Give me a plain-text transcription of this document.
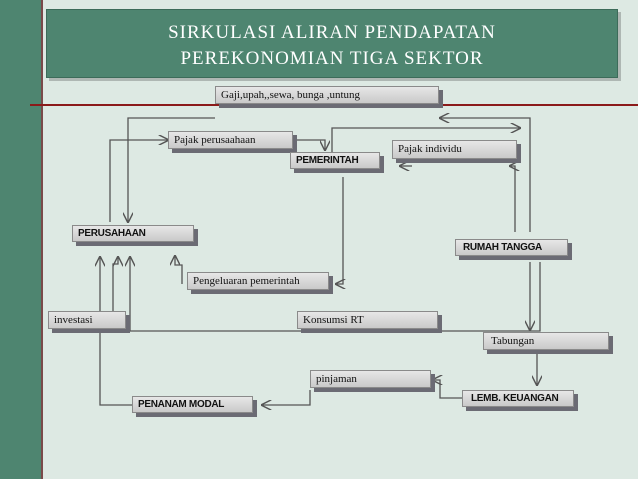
SIRKULASI ALIRAN PENDAPATAN
PEREKONOMIAN TIGA SEKTOR
Gaji,upah,,sewa, bunga ,untung
Pajak perusaahaan
PEMERINTAH
Pajak individu
PERUSAHAAN
RUMAH TANGGA
Pengeluaran pemerintah
investasi	Konsumsi RT
Tabungan
pinjaman
LEMB. KEUANGAN
PENANAM MODAL
